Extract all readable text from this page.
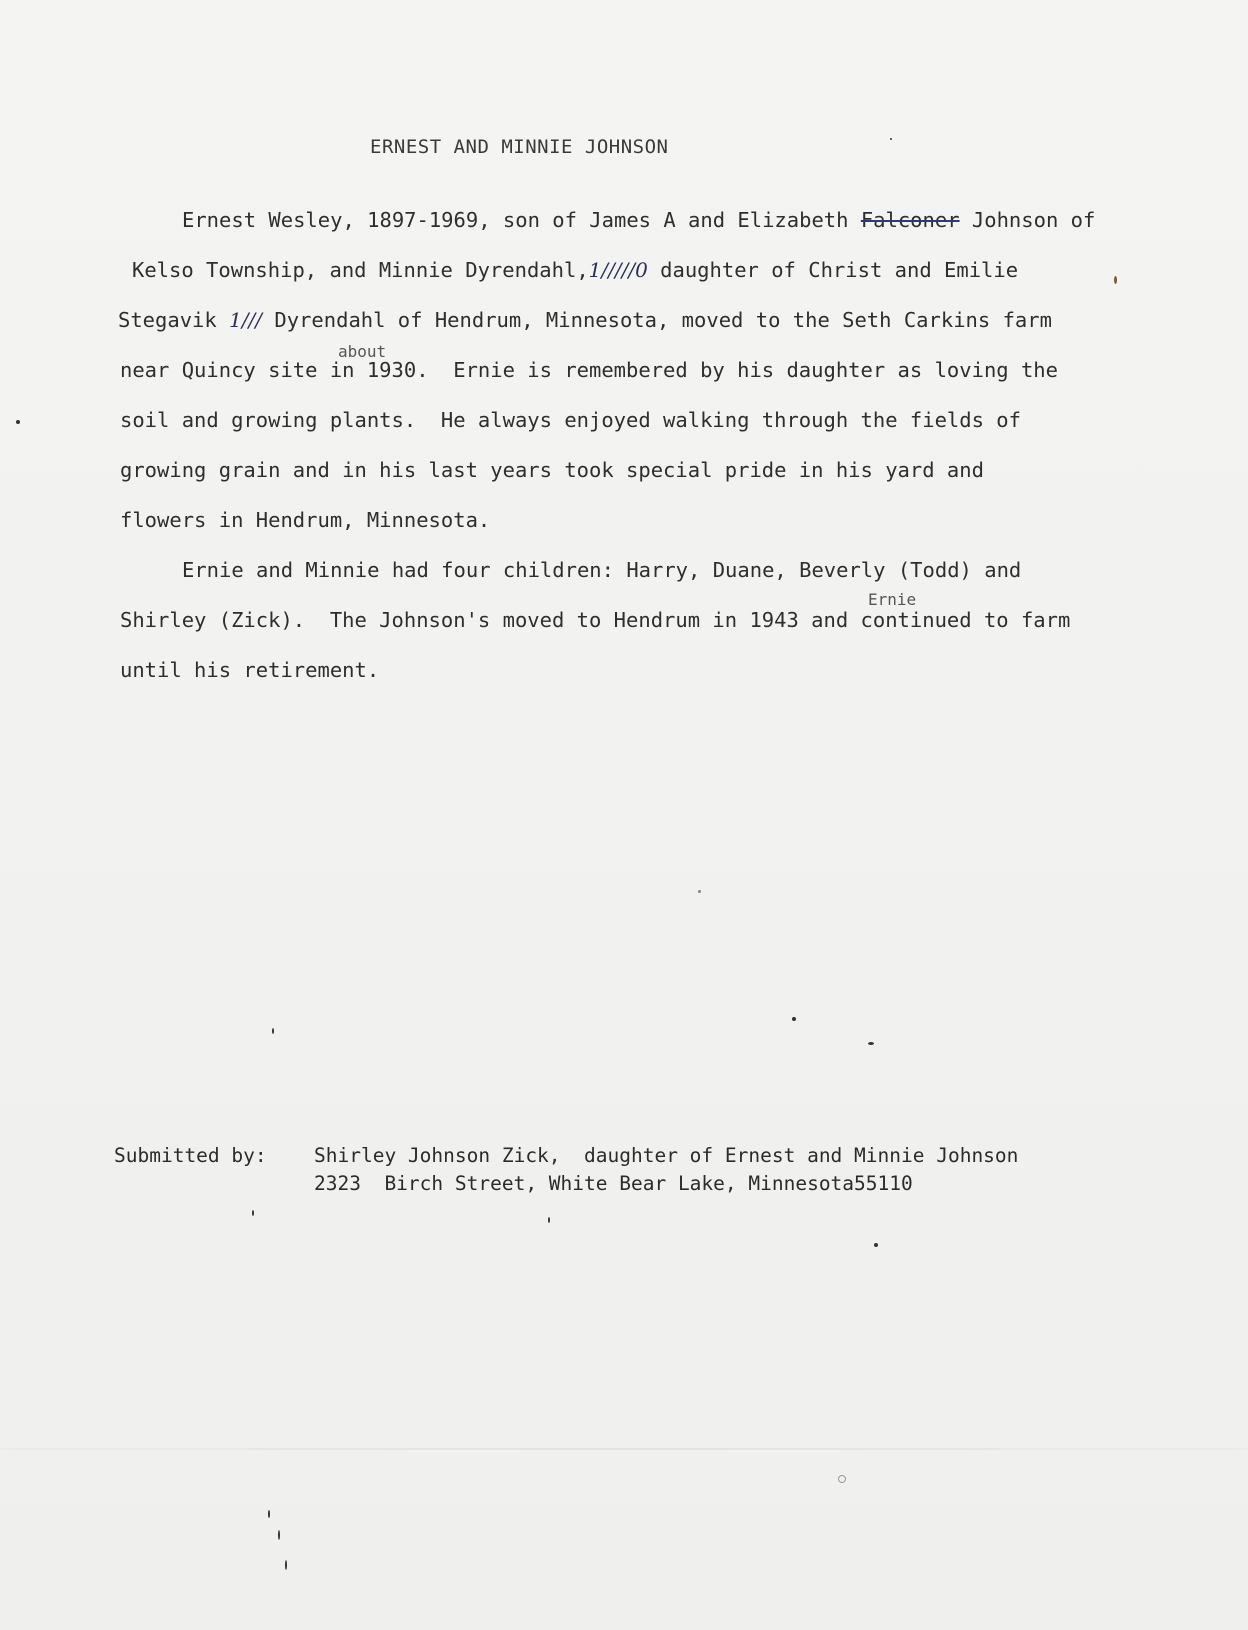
ERNEST AND MINNIE JOHNSON
Ernest Wesley, 1897-1969, son of James A and Elizabeth Falconer Johnson of
Kelso Township, and Minnie Dyrendahl,1/////0 daughter of Christ and Emilie
Stegavik 1/// Dyrendahl of Hendrum, Minnesota, moved to the Seth Carkins farm
about
near Quincy site in 1930.  Ernie is remembered by his daughter as loving the
soil and growing plants.  He always enjoyed walking through the fields of
growing grain and in his last years took special pride in his yard and
flowers in Hendrum, Minnesota.
Ernie and Minnie had four children: Harry, Duane, Beverly (Todd) and
Ernie
Shirley (Zick).  The Johnson's moved to Hendrum in 1943 and continued to farm
until his retirement.
Submitted by: Shirley Johnson Zick,  daughter of Ernest and Minnie Johnson
2323  Birch Street, White Bear Lake, Minnesota55110
